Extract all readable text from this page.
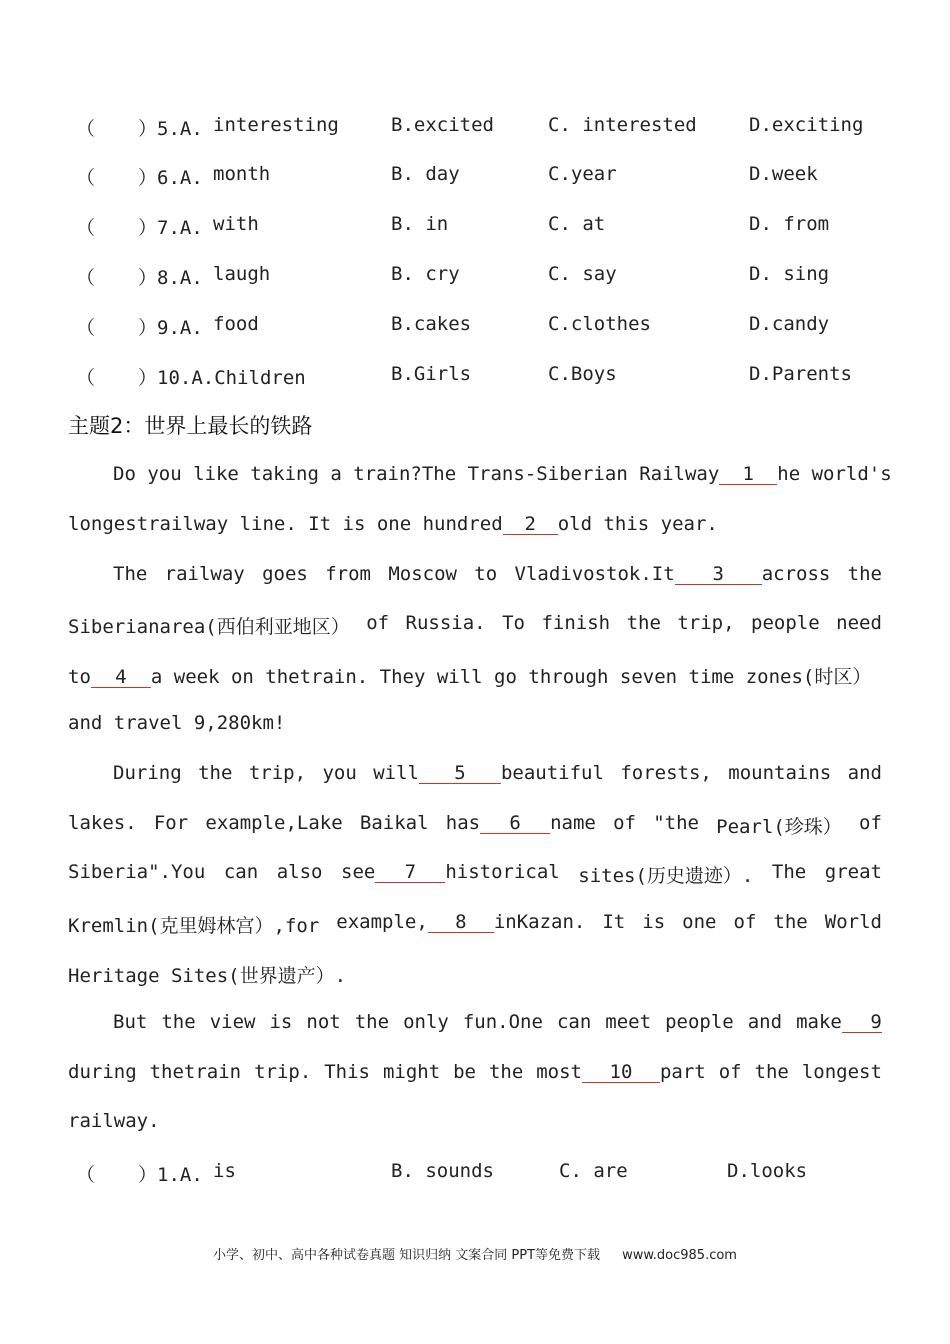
（ ）5.A. interesting	B.excited	C. interested	D.exciting
（ ）6.A. month	B. day	C.year	D.week
（ ）7.A. with	B. in	C. at	D. from
（ ）8.A. laugh	B. cry	C. say	D. sing
（ ）9.A. food	B.cakes	C.clothes	D.candy
（ ）10.A.Children	B.Girls	C.Boys	D.Parents
主题2：世界上最长的铁路
Do you like taking a train?The Trans-Siberian Railway 1 he world's
longestrailway line. It is one hundred 2 old this year.
The railway goes from Moscow to Vladivostok.It 3 across the
Siberianarea(西伯利亚地区） of Russia. To finish the trip, people need
to 4 a week on thetrain. They will go through seven time zones(时区）
and travel 9,280km!
During the trip, you will 5 beautiful forests, mountains and
lakes. For example,Lake Baikal has 6 name of "the Pearl(珍珠） of
Siberia".You can also see 7 historical sites(历史遗迹）. The great
Kremlin(克里姆林宫）,for example, 8 inKazan. It is one of the World
Heritage Sites(世界遗产）.
But the view is not the only fun.One can meet people and make 9
during thetrain trip. This might be the most 10 part of the longest
railway.
（ ）1.A. is	B. sounds	C. are	D.looks
小学、初中、高中各种试卷真题 知识归纳 文案合同 PPT等免费下载 www.doc985.com
